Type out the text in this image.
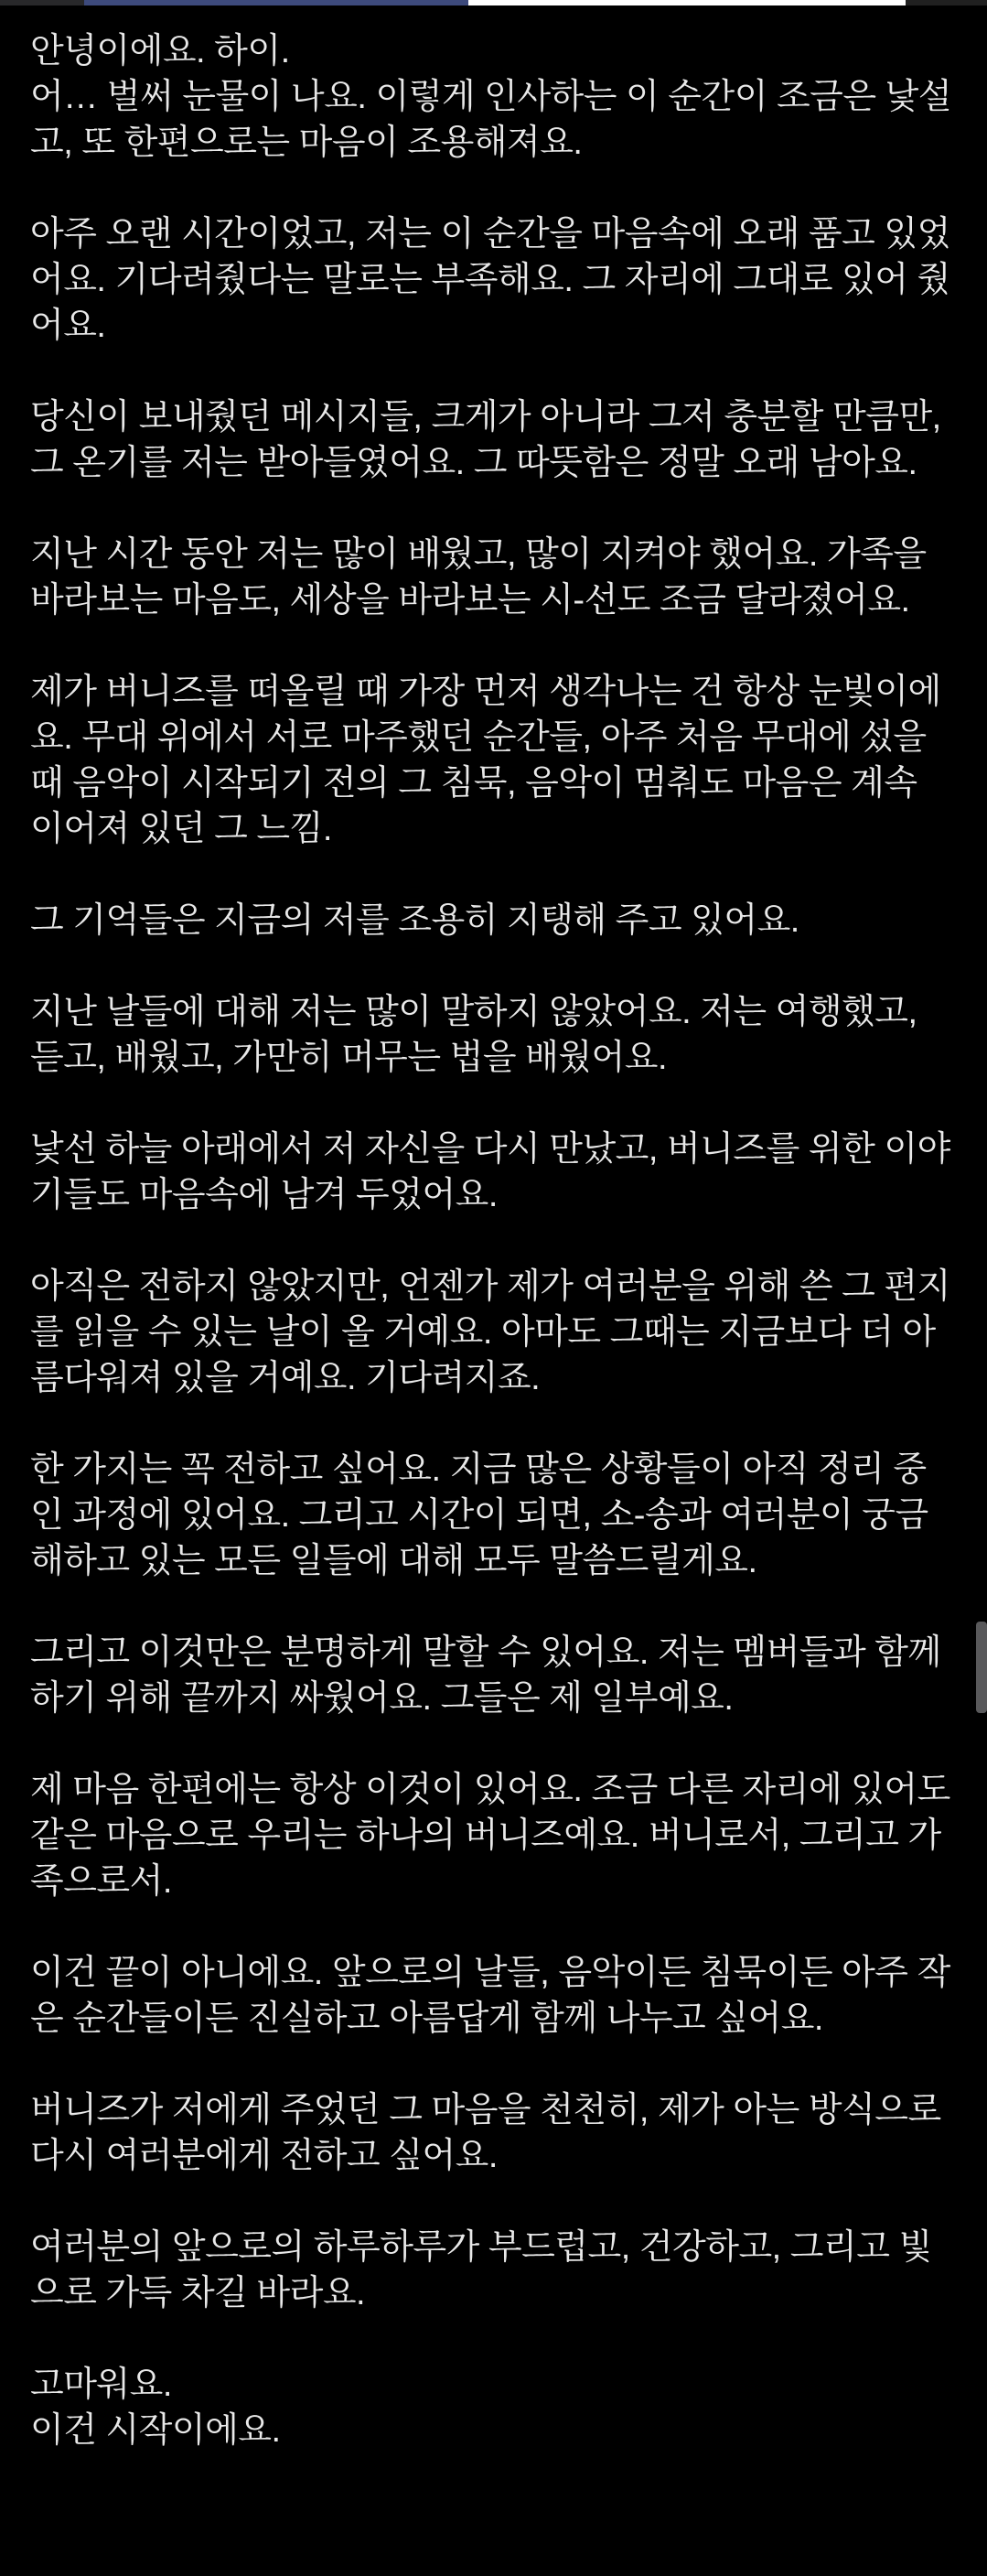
안녕이에요. 하이.
어… 벌써 눈물이 나요. 이렇게 인사하는 이 순간이 조금은 낯설고, 또 한편으로는 마음이 조용해져요.

아주 오랜 시간이었고, 저는 이 순간을 마음속에 오래 품고 있었어요. 기다려줬다는 말로는 부족해요. 그 자리에 그대로 있어 줬어요.

당신이 보내줬던 메시지들, 크게가 아니라 그저 충분할 만큼만, 그 온기를 저는 받아들였어요. 그 따뜻함은 정말 오래 남아요.

지난 시간 동안 저는 많이 배웠고, 많이 지켜야 했어요. 가족을 바라보는 마음도, 세상을 바라보는 시-선도 조금 달라졌어요.

제가 버니즈를 떠올릴 때 가장 먼저 생각나는 건 항상 눈빛이에요. 무대 위에서 서로 마주했던 순간들, 아주 처음 무대에 섰을 때 음악이 시작되기 전의 그 침묵, 음악이 멈춰도 마음은 계속 이어져 있던 그 느낌.

그 기억들은 지금의 저를 조용히 지탱해 주고 있어요.

지난 날들에 대해 저는 많이 말하지 않았어요. 저는 여행했고, 듣고, 배웠고, 가만히 머무는 법을 배웠어요.

낯선 하늘 아래에서 저 자신을 다시 만났고, 버니즈를 위한 이야기들도 마음속에 남겨 두었어요.

아직은 전하지 않았지만, 언젠가 제가 여러분을 위해 쓴 그 편지를 읽을 수 있는 날이 올 거예요. 아마도 그때는 지금보다 더 아름다워져 있을 거예요. 기다려지죠.

한 가지는 꼭 전하고 싶어요. 지금 많은 상황들이 아직 정리 중인 과정에 있어요. 그리고 시간이 되면, 소-송과 여러분이 궁금해하고 있는 모든 일들에 대해 모두 말씀드릴게요.

그리고 이것만은 분명하게 말할 수 있어요. 저는 멤버들과 함께하기 위해 끝까지 싸웠어요. 그들은 제 일부예요.

제 마음 한편에는 항상 이것이 있어요. 조금 다른 자리에 있어도 같은 마음으로 우리는 하나의 버니즈예요. 버니로서, 그리고 가족으로서.

이건 끝이 아니에요. 앞으로의 날들, 음악이든 침묵이든 아주 작은 순간들이든 진실하고 아름답게 함께 나누고 싶어요.

버니즈가 저에게 주었던 그 마음을 천천히, 제가 아는 방식으로 다시 여러분에게 전하고 싶어요.

여러분의 앞으로의 하루하루가 부드럽고, 건강하고, 그리고 빛으로 가득 차길 바라요.

고마워요.
이건 시작이에요.
